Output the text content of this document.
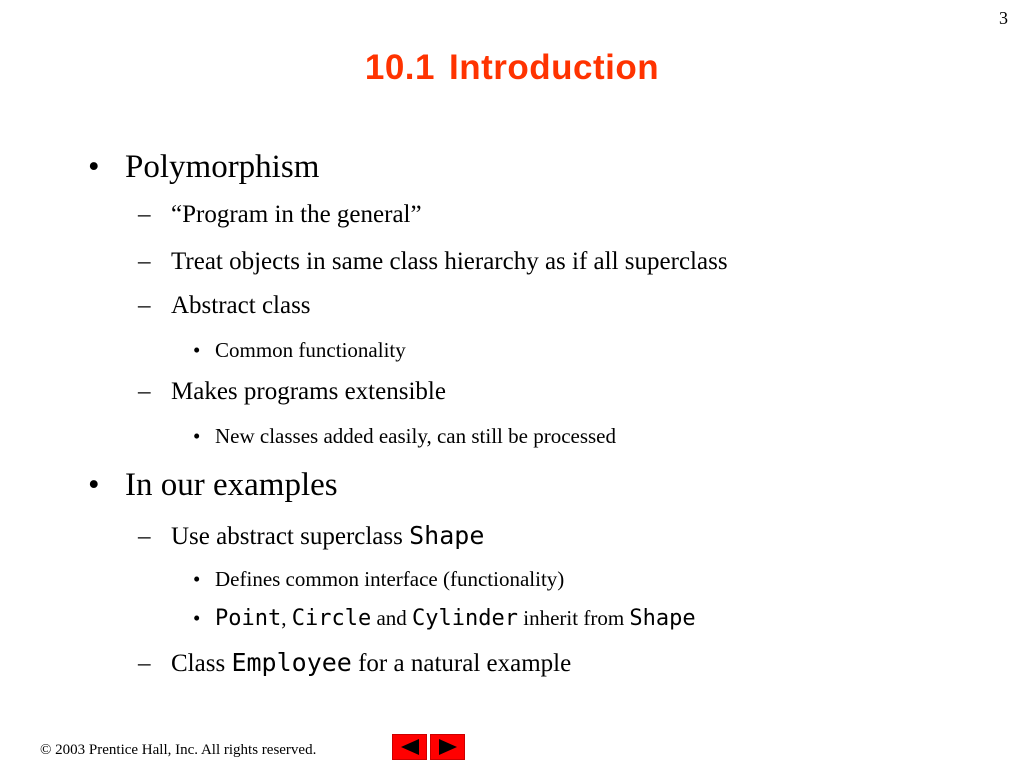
3
10.1 Introduction
• Polymorphism
– “Program in the general”
– Treat objects in same class hierarchy as if all superclass
– Abstract class
• Common functionality
– Makes programs extensible
• New classes added easily, can still be processed
• In our examples
– Use abstract superclass Shape
• Defines common interface (functionality)
• Point, Circle and Cylinder inherit from Shape
– Class Employee for a natural example
© 2003 Prentice Hall, Inc. All rights reserved.
